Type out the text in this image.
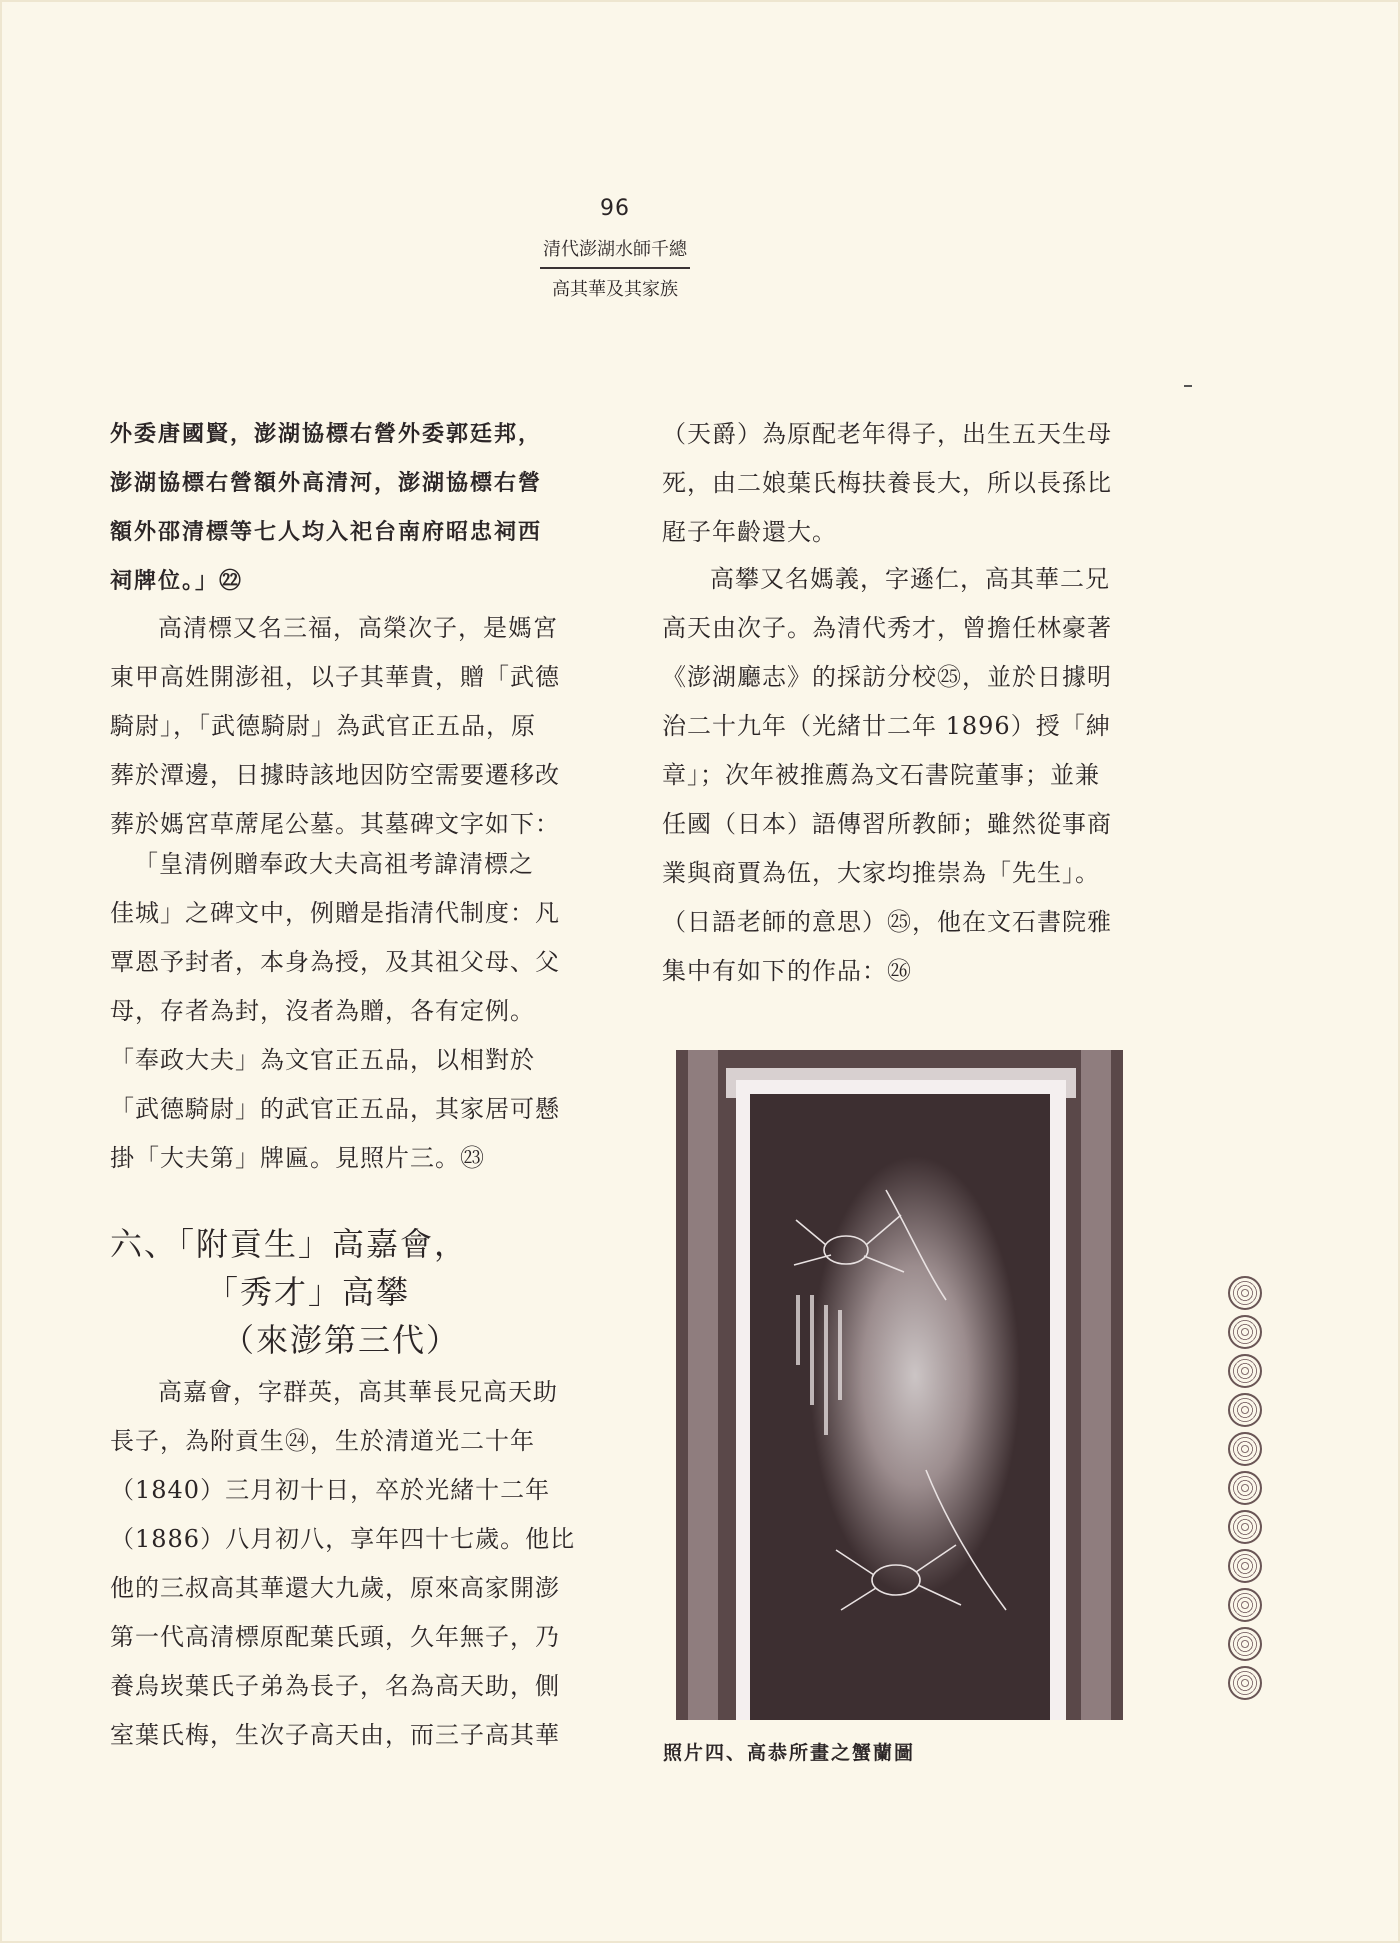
96
清代澎湖水師千總
高其華及其家族
外委唐國賢，澎湖協標右營外委郭廷邦，
澎湖協標右營額外高清河，澎湖協標右營
額外邵清標等七人均入祀台南府昭忠祠西
祠牌位。」㉒
高清標又名三福，高榮次子，是媽宮
東甲高姓開澎祖，以子其華貴，贈「武德
騎尉」，「武德騎尉」為武官正五品，原
葬於潭邊，日據時該地因防空需要遷移改
葬於媽宮草蓆尾公墓。其墓碑文字如下：
「皇清例贈奉政大夫高祖考諱清標之
佳城」之碑文中，例贈是指清代制度：凡
覃恩予封者，本身為授，及其祖父母、父
母，存者為封，沒者為贈，各有定例。
「奉政大夫」為文官正五品，以相對於
「武德騎尉」的武官正五品，其家居可懸
掛「大夫第」牌匾。見照片三。㉓
六、「附貢生」高嘉會，
「秀才」高攀
（來澎第三代）
高嘉會，字群英，高其華長兄高天助
長子，為附貢生㉔，生於清道光二十年
（1840）三月初十日，卒於光緒十二年
（1886）八月初八，享年四十七歲。他比
他的三叔高其華還大九歲，原來高家開澎
第一代高清標原配葉氏頭，久年無子，乃
養烏崁葉氏子弟為長子，名為高天助，側
室葉氏梅，生次子高天由，而三子高其華
（天爵）為原配老年得子，出生五天生母
死，由二娘葉氏梅扶養長大，所以長孫比
屘子年齡還大。
高攀又名媽義，字遜仁，高其華二兄
高天由次子。為清代秀才，曾擔任林豪著
《澎湖廳志》的採訪分校㉕，並於日據明
治二十九年（光緒廿二年 1896）授「紳
章」；次年被推薦為文石書院董事；並兼
任國（日本）語傳習所教師；雖然從事商
業與商賈為伍，大家均推崇為「先生」。
（日語老師的意思）㉕，他在文石書院雅
集中有如下的作品：㉖
照片四、高恭所畫之蟹蘭圖
